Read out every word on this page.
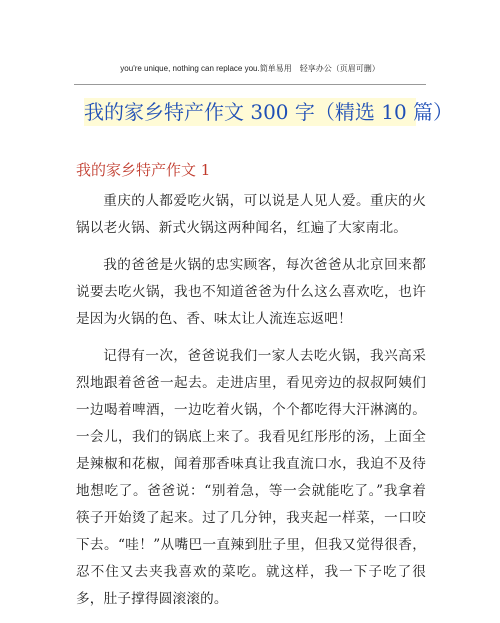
you're unique, nothing can replace you.简单易用　轻享办公（页眉可删）
我的家乡特产作文 300 字（精选 10 篇）
我的家乡特产作文 1

重庆的人都爱吃火锅，可以说是人见人爱。重庆的火锅以老火锅、新式火锅这两种闻名，红遍了大家南北。

我的爸爸是火锅的忠实顾客，每次爸爸从北京回来都说要去吃火锅，我也不知道爸爸为什么这么喜欢吃，也许是因为火锅的色、香、味太让人流连忘返吧！

记得有一次，爸爸说我们一家人去吃火锅，我兴高采烈地跟着爸爸一起去。走进店里，看见旁边的叔叔阿姨们一边喝着啤酒，一边吃着火锅，个个都吃得大汗淋漓的。一会儿，我们的锅底上来了。我看见红彤彤的汤，上面全是辣椒和花椒，闻着那香味真让我直流口水，我迫不及待地想吃了。爸爸说：“别着急，等一会就能吃了。”我拿着筷子开始烫了起来。过了几分钟，我夹起一样菜，一口咬下去。“哇！”从嘴巴一直辣到肚子里，但我又觉得很香，忍不住又去夹我喜欢的菜吃。就这样，我一下子吃了很多，肚子撑得圆滚滚的。
